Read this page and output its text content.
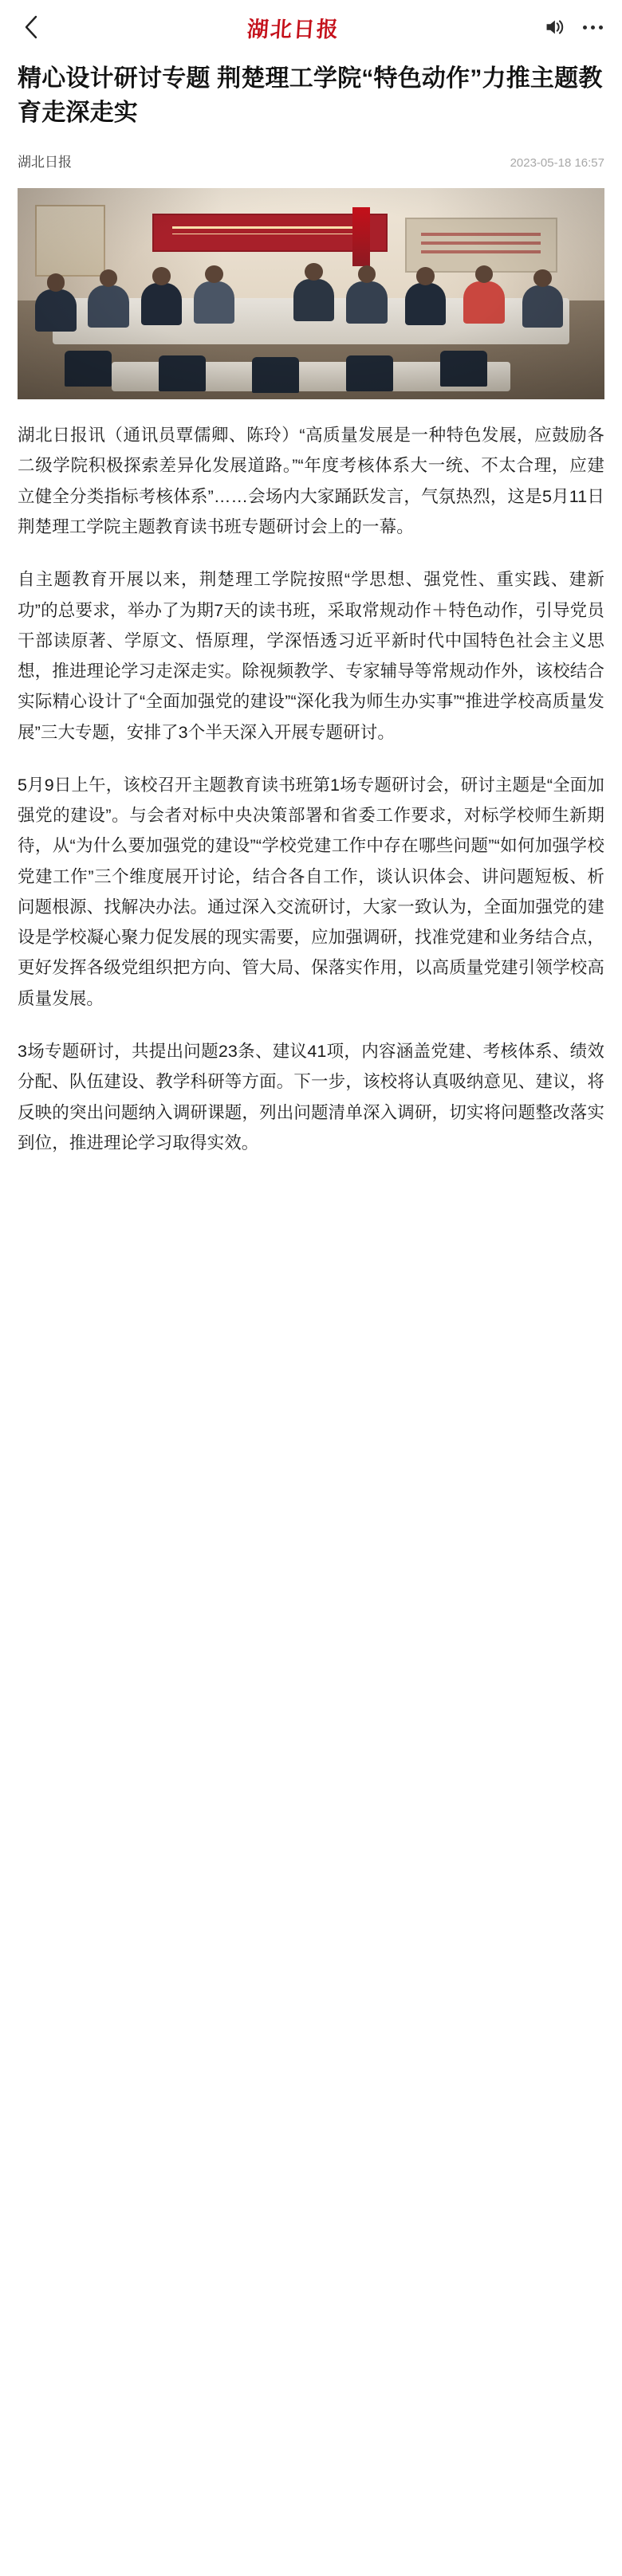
湖北日报
精心设计研讨专题 荆楚理工学院“特色动作”力推主题教育走深走实
湖北日报	2023-05-18 16:57

湖北日报讯（通讯员覃儒卿、陈玲）“高质量发展是一种特色发展，应鼓励各二级学院积极探索差异化发展道路。”“年度考核体系大一统、不太合理，应建立健全分类指标考核体系”……会场内大家踊跃发言，气氛热烈，这是5月11日荆楚理工学院主题教育读书班专题研讨会上的一幕。

自主题教育开展以来，荆楚理工学院按照“学思想、强党性、重实践、建新功”的总要求，举办了为期7天的读书班，采取常规动作＋特色动作，引导党员干部读原著、学原文、悟原理，学深悟透习近平新时代中国特色社会主义思想，推进理论学习走深走实。除视频教学、专家辅导等常规动作外，该校结合实际精心设计了“全面加强党的建设”“深化我为师生办实事”“推进学校高质量发展”三大专题，安排了3个半天深入开展专题研讨。

5月9日上午，该校召开主题教育读书班第1场专题研讨会，研讨主题是“全面加强党的建设”。与会者对标中央决策部署和省委工作要求，对标学校师生新期待，从“为什么要加强党的建设”“学校党建工作中存在哪些问题”“如何加强学校党建工作”三个维度展开讨论，结合各自工作，谈认识体会、讲问题短板、析问题根源、找解决办法。通过深入交流研讨，大家一致认为，全面加强党的建设是学校凝心聚力促发展的现实需要，应加强调研，找准党建和业务结合点，更好发挥各级党组织把方向、管大局、保落实作用，以高质量党建引领学校高质量发展。

3场专题研讨，共提出问题23条、建议41项，内容涵盖党建、考核体系、绩效分配、队伍建设、教学科研等方面。下一步，该校将认真吸纳意见、建议，将反映的突出问题纳入调研课题，列出问题清单深入调研，切实将问题整改落实到位，推进理论学习取得实效。
